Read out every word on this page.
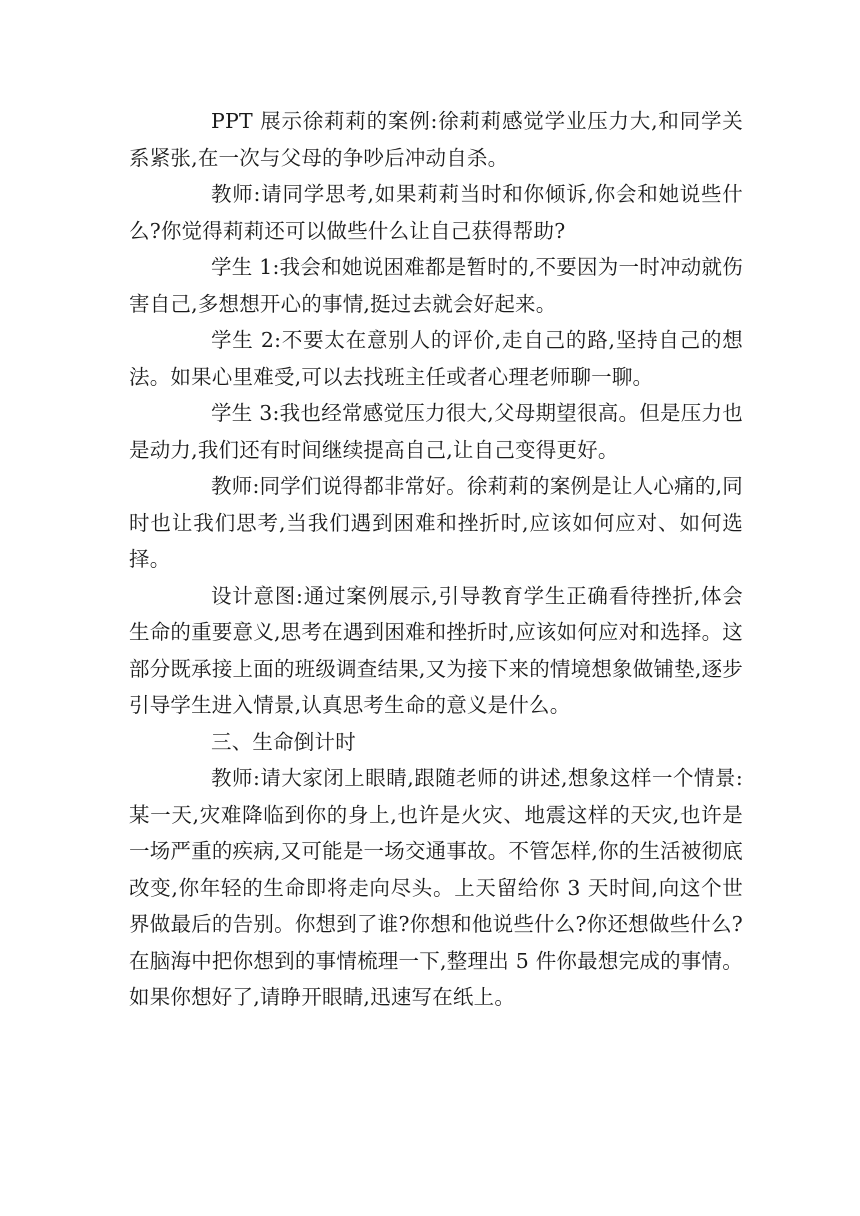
PPT 展示徐莉莉的案例:徐莉莉感觉学业压力大,和同学关系紧张,在一次与父母的争吵后冲动自杀。

教师:请同学思考,如果莉莉当时和你倾诉,你会和她说些什么?你觉得莉莉还可以做些什么让自己获得帮助?

学生 1:我会和她说困难都是暂时的,不要因为一时冲动就伤害自己,多想想开心的事情,挺过去就会好起来。

学生 2:不要太在意别人的评价,走自己的路,坚持自己的想法。如果心里难受,可以去找班主任或者心理老师聊一聊。

学生 3:我也经常感觉压力很大,父母期望很高。但是压力也是动力,我们还有时间继续提高自己,让自己变得更好。

教师:同学们说得都非常好。徐莉莉的案例是让人心痛的,同时也让我们思考,当我们遇到困难和挫折时,应该如何应对、如何选择。

设计意图:通过案例展示,引导教育学生正确看待挫折,体会生命的重要意义,思考在遇到困难和挫折时,应该如何应对和选择。这部分既承接上面的班级调查结果,又为接下来的情境想象做铺垫,逐步引导学生进入情景,认真思考生命的意义是什么。

三、生命倒计时

教师:请大家闭上眼睛,跟随老师的讲述,想象这样一个情景:某一天,灾难降临到你的身上,也许是火灾、地震这样的天灾,也许是一场严重的疾病,又可能是一场交通事故。不管怎样,你的生活被彻底改变,你年轻的生命即将走向尽头。上天留给你 3 天时间,向这个世界做最后的告别。你想到了谁?你想和他说些什么?你还想做些什么?在脑海中把你想到的事情梳理一下,整理出 5 件你最想完成的事情。如果你想好了,请睁开眼睛,迅速写在纸上。
